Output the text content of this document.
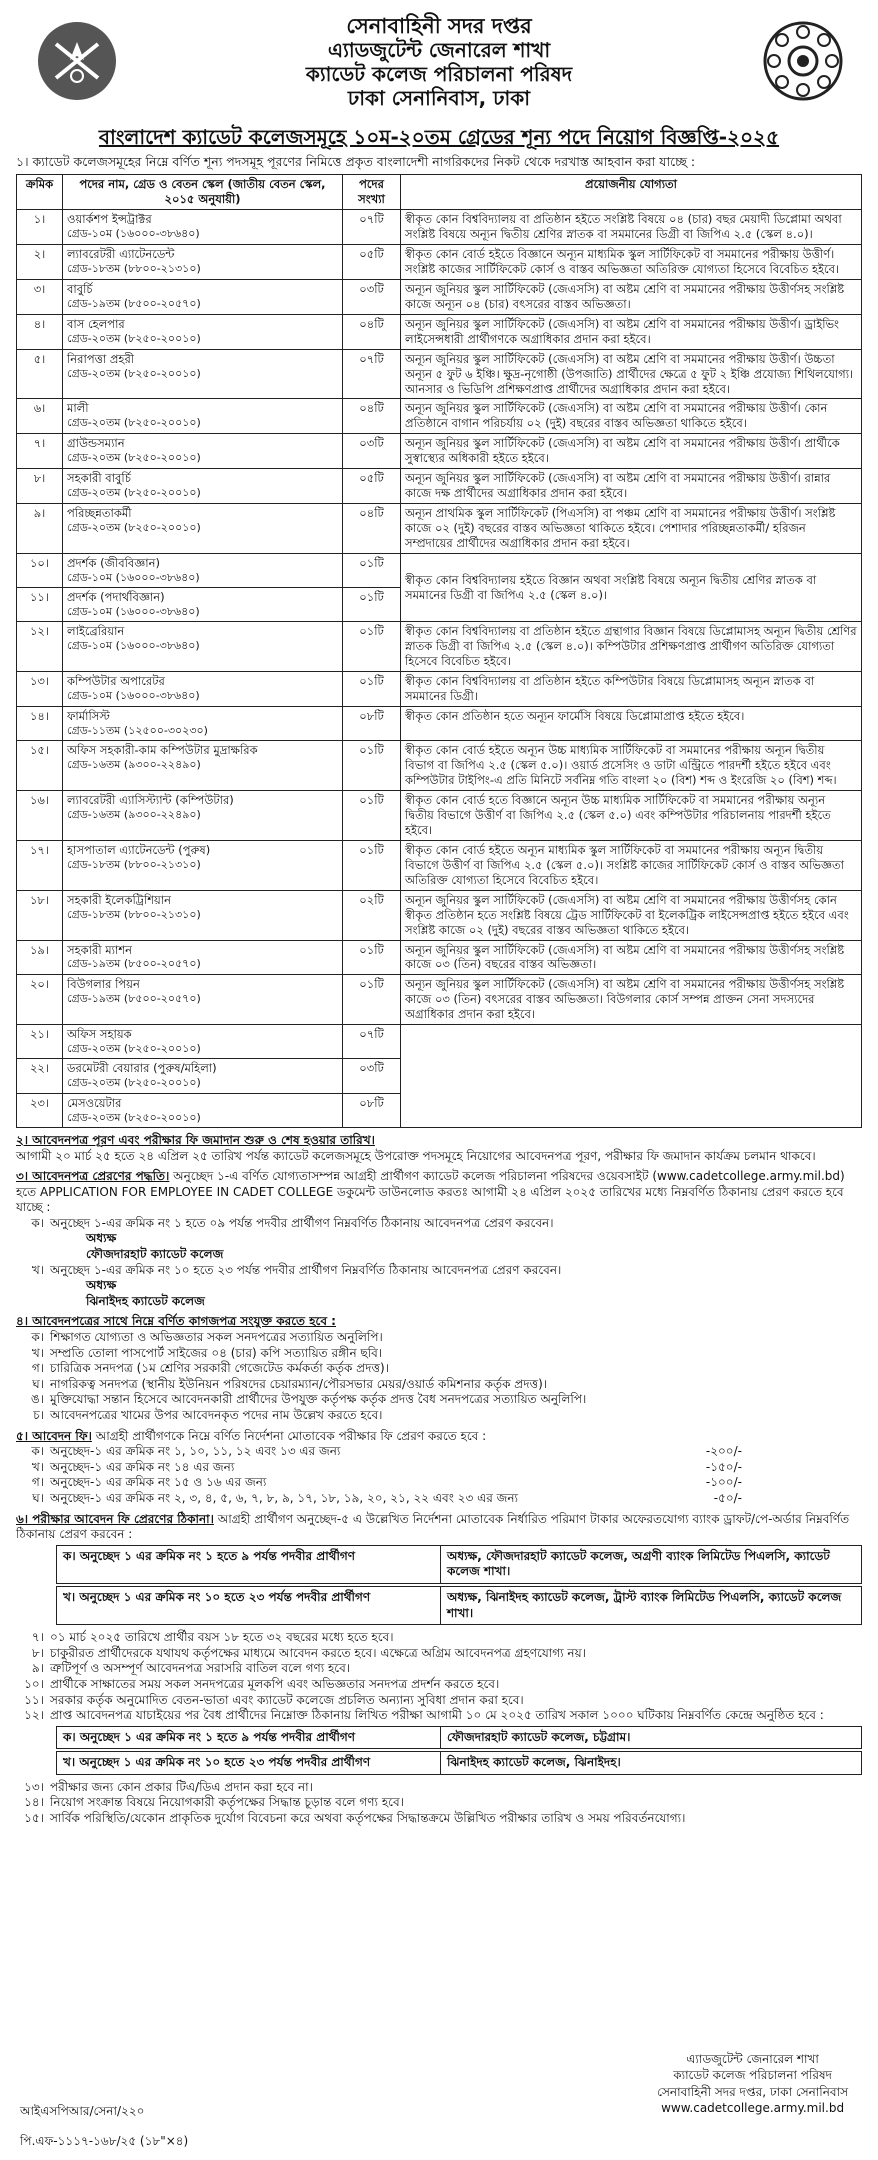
সেনাবাহিনী সদর দপ্তর
এ্যাডজুটেন্ট জেনারেল শাখা
ক্যাডেট কলেজ পরিচালনা পরিষদ
ঢাকা সেনানিবাস, ঢাকা
বাংলাদেশ ক্যাডেট কলেজসমূহে ১০ম-২০তম গ্রেডের শূন্য পদে নিয়োগ বিজ্ঞপ্তি-২০২৫
১। ক্যাডেট কলেজসমূহের নিম্নে বর্ণিত শূন্য পদসমূহ পূরণের নিমিত্তে প্রকৃত বাংলাদেশী নাগরিকদের নিকট থেকে দরখাস্ত আহবান করা যাচ্ছে :
ক্রমিক	পদের নাম, গ্রেড ও বেতন স্কেল (জাতীয় বেতন স্কেল, ২০১৫ অনুযায়ী)	পদের সংখ্যা	প্রয়োজনীয় যোগ্যতা
১।	ওয়ার্কশপ ইন্সট্রাক্টর
গ্রেড-১০ম (১৬০০০-৩৮৬৪০)	০৭টি	স্বীকৃত কোন বিশ্ববিদ্যালয় বা প্রতিষ্ঠান হইতে সংশ্লিষ্ট বিষয়ে ০৪ (চার) বছর মেয়াদী ডিপ্লোমা অথবা সংশ্লিষ্ট বিষয়ে অন্যূন দ্বিতীয় শ্রেণির স্নাতক বা সমমানের ডিগ্রী বা জিপিএ ২.৫ (স্কেল ৪.০)।
২।	ল্যাবরেটরী এ্যাটেনডেন্ট
গ্রেড-১৮তম (৮৮০০-২১৩১০)	০৫টি	স্বীকৃত কোন বোর্ড হইতে বিজ্ঞানে অন্যূন মাধ্যমিক স্কুল সার্টিফিকেট বা সমমানের পরীক্ষায় উত্তীর্ণ। সংশ্লিষ্ট কাজের সার্টিফিকেট কোর্স ও বাস্তব অভিজ্ঞতা অতিরিক্ত যোগ্যতা হিসেবে বিবেচিত হইবে।
৩।	বাবুর্চি
গ্রেড-১৯তম (৮৫০০-২০৫৭০)	০৩টি	অন্যূন জুনিয়র স্কুল সার্টিফিকেট (জেএসসি) বা অষ্টম শ্রেণি বা সমমানের পরীক্ষায় উত্তীর্ণসহ সংশ্লিষ্ট কাজে অন্যূন ০৪ (চার) বৎসরের বাস্তব অভিজ্ঞতা।
৪।	বাস হেলপার
গ্রেড-২০তম (৮২৫০-২০০১০)	০৪টি	অন্যূন জুনিয়র স্কুল সার্টিফিকেট (জেএসসি) বা অষ্টম শ্রেণি বা সমমানের পরীক্ষায় উত্তীর্ণ। ড্রাইভিং লাইসেন্সধারী প্রার্থীগণকে অগ্রাধিকার প্রদান করা হইবে।
৫।	নিরাপত্তা প্রহরী
গ্রেড-২০তম (৮২৫০-২০০১০)	০৭টি	অন্যূন জুনিয়র স্কুল সার্টিফিকেট (জেএসসি) বা অষ্টম শ্রেণি বা সমমানের পরীক্ষায় উত্তীর্ণ। উচ্চতা অন্যূন ৫ ফুট ৬ ইঞ্চি। ক্ষুদ্র-নৃগোষ্ঠী (উপজাতি) প্রার্থীদের ক্ষেত্রে ৫ ফুট ২ ইঞ্চি প্রযোজ্য শিথিলযোগ্য। আনসার ও ভিডিপি প্রশিক্ষণপ্রাপ্ত প্রার্থীদের অগ্রাধিকার প্রদান করা হইবে।
৬।	মালী
গ্রেড-২০তম (৮২৫০-২০০১০)	০৪টি	অন্যূন জুনিয়র স্কুল সার্টিফিকেট (জেএসসি) বা অষ্টম শ্রেণি বা সমমানের পরীক্ষায় উত্তীর্ণ। কোন প্রতিষ্ঠানে বাগান পরিচর্যায় ০২ (দুই) বছরের বাস্তব অভিজ্ঞতা থাকিতে হইবে।
৭।	গ্রাউন্ডসম্যান
গ্রেড-২০তম (৮২৫০-২০০১০)	০৩টি	অন্যূন জুনিয়র স্কুল সার্টিফিকেট (জেএসসি) বা অষ্টম শ্রেণি বা সমমানের পরীক্ষায় উত্তীর্ণ। প্রার্থীকে সুস্বাস্থ্যের অধিকারী হইতে হইবে।
৮।	সহকারী বাবুর্চি
গ্রেড-২০তম (৮২৫০-২০০১০)	০৫টি	অন্যূন জুনিয়র স্কুল সার্টিফিকেট (জেএসসি) বা অষ্টম শ্রেণি বা সমমানের পরীক্ষায় উত্তীর্ণ। রান্নার কাজে দক্ষ প্রার্থীদের অগ্রাধিকার প্রদান করা হইবে।
৯।	পরিচ্ছন্নতাকর্মী
গ্রেড-২০তম (৮২৫০-২০০১০)	০৪টি	অন্যূন প্রাথমিক স্কুল সার্টিফিকেট (পিএসসি) বা পঞ্চম শ্রেণি বা সমমানের পরীক্ষায় উত্তীর্ণ। সংশ্লিষ্ট কাজে ০২ (দুই) বছরের বাস্তব অভিজ্ঞতা থাকিতে হইবে। পেশাদার পরিচ্ছন্নতাকর্মী/ হরিজন সম্প্রদায়ের প্রার্থীদের অগ্রাধিকার প্রদান করা হইবে।
১০।	প্রদর্শক (জীববিজ্ঞান)
গ্রেড-১০ম (১৬০০০-৩৮৬৪০)	০১টি	স্বীকৃত কোন বিশ্ববিদ্যালয় হইতে বিজ্ঞান অথবা সংশ্লিষ্ট বিষয়ে অন্যূন দ্বিতীয় শ্রেণির স্নাতক বা সমমানের ডিগ্রী বা জিপিএ ২.৫ (স্কেল ৪.০)।
১১।	প্রদর্শক (পদার্থবিজ্ঞান)
গ্রেড-১০ম (১৬০০০-৩৮৬৪০)	০১টি	
১২।	লাইব্রেরিয়ান
গ্রেড-১০ম (১৬০০০-৩৮৬৪০)	০১টি	স্বীকৃত কোন বিশ্ববিদ্যালয় বা প্রতিষ্ঠান হইতে গ্রন্থাগার বিজ্ঞান বিষয়ে ডিপ্লোমাসহ অন্যূন দ্বিতীয় শ্রেণির স্নাতক ডিগ্রী বা জিপিএ ২.৫ (স্কেল ৪.০)। কম্পিউটার প্রশিক্ষণপ্রাপ্ত প্রার্থীগণ অতিরিক্ত যোগ্যতা হিসেবে বিবেচিত হইবে।
১৩।	কম্পিউটার অপারেটর
গ্রেড-১০ম (১৬০০০-৩৮৬৪০)	০১টি	স্বীকৃত কোন বিশ্ববিদ্যালয় বা প্রতিষ্ঠান হইতে কম্পিউটার বিষয়ে ডিপ্লোমাসহ অন্যূন স্নাতক বা সমমানের ডিগ্রী।
১৪।	ফার্মাসিস্ট
গ্রেড-১১তম (১২৫০০-৩০২৩০)	০৮টি	স্বীকৃত কোন প্রতিষ্ঠান হতে অন্যূন ফার্মেসি বিষয়ে ডিপ্লোমাপ্রাপ্ত হইতে হইবে।
১৫।	অফিস সহকারী-কাম কম্পিউটার মুদ্রাক্ষরিক
গ্রেড-১৬তম (৯৩০০-২২৪৯০)	০১টি	স্বীকৃত কোন বোর্ড হইতে অন্যূন উচ্চ মাধ্যমিক সার্টিফিকেট বা সমমানের পরীক্ষায় অন্যূন দ্বিতীয় বিভাগ বা জিপিএ ২.৫ (স্কেল ৫.০)। ওয়ার্ড প্রসেসিং ও ডাটা এন্ট্রিতে পারদর্শী হইতে হইবে এবং কম্পিউটার টাইপিং-এ প্রতি মিনিটে সর্বনিম্ন গতি বাংলা ২০ (বিশ) শব্দ ও ইংরেজি ২০ (বিশ) শব্দ।
১৬।	ল্যাবরেটরী এ্যাসিস্ট্যান্ট (কম্পিউটার)
গ্রেড-১৬তম (৯৩০০-২২৪৯০)	০১টি	স্বীকৃত কোন বোর্ড হতে বিজ্ঞানে অন্যূন উচ্চ মাধ্যমিক সার্টিফিকেট বা সমমানের পরীক্ষায় অন্যূন দ্বিতীয় বিভাগে উত্তীর্ণ বা জিপিএ ২.৫ (স্কেল ৫.০) এবং কম্পিউটার পরিচালনায় পারদর্শী হইতে হইবে।
১৭।	হাসপাতাল এ্যাটেনডেন্ট (পুরুষ)
গ্রেড-১৮তম (৮৮০০-২১৩১০)	০১টি	স্বীকৃত কোন বোর্ড হইতে অন্যূন মাধ্যমিক স্কুল সার্টিফিকেট বা সমমানের পরীক্ষায় অন্যূন দ্বিতীয় বিভাগে উত্তীর্ণ বা জিপিএ ২.৫ (স্কেল ৫.০)। সংশ্লিষ্ট কাজের সার্টিফিকেট কোর্স ও বাস্তব অভিজ্ঞতা অতিরিক্ত যোগ্যতা হিসেবে বিবেচিত হইবে।
১৮।	সহকারী ইলেকট্রিশিয়ান
গ্রেড-১৮তম (৮৮০০-২১৩১০)	০২টি	অন্যূন জুনিয়র স্কুল সার্টিফিকেট (জেএসসি) বা অষ্টম শ্রেণি বা সমমানের পরীক্ষায় উত্তীর্ণসহ কোন স্বীকৃত প্রতিষ্ঠান হতে সংশ্লিষ্ট বিষয়ে ট্রেড সার্টিফিকেট বা ইলেকট্রিক লাইসেন্সপ্রাপ্ত হইতে হইবে এবং সংশ্লিষ্ট কাজে ০২ (দুই) বছরের বাস্তব অভিজ্ঞতা থাকিতে হইবে।
১৯।	সহকারী ম্যাশন
গ্রেড-১৯তম (৮৫০০-২০৫৭০)	০১টি	অন্যূন জুনিয়র স্কুল সার্টিফিকেট (জেএসসি) বা অষ্টম শ্রেণি বা সমমানের পরীক্ষায় উত্তীর্ণসহ সংশ্লিষ্ট কাজে ০৩ (তিন) বছরের বাস্তব অভিজ্ঞতা।
২০।	বিউগলার পিয়ন
গ্রেড-১৯তম (৮৫০০-২০৫৭০)	০১টি	অন্যূন জুনিয়র স্কুল সার্টিফিকেট (জেএসসি) বা অষ্টম শ্রেণি বা সমমানের পরীক্ষায় উত্তীর্ণসহ সংশ্লিষ্ট কাজে ০৩ (তিন) বৎসরের বাস্তব অভিজ্ঞতা। বিউগলার কোর্স সম্পন্ন প্রাক্তন সেনা সদস্যদের অগ্রাধিকার প্রদান করা হইবে।
২১।	অফিস সহায়ক
গ্রেড-২০তম (৮২৫০-২০০১০)	০৭টি	
২২।	ডরমেটরী বেয়ারার (পুরুষ/মহিলা)
গ্রেড-২০তম (৮২৫০-২০০১০)	০৩টি	
২৩।	মেসওয়েটার
গ্রেড-২০তম (৮২৫০-২০০১০)	০৮টি	
২। আবেদনপত্র পূরণ এবং পরীক্ষার ফি জমাদান শুরু ও শেষ হওয়ার তারিখ।
আগামী ২০ মার্চ ২৫ হতে ২৪ এপ্রিল ২৫ তারিখ পর্যন্ত ক্যাডেট কলেজসমূহে উপরোক্ত পদসমূহে নিয়োগের আবেদনপত্র পূরণ, পরীক্ষার ফি জমাদান কার্যক্রম চলমান থাকবে।
৩। আবেদনপত্র প্রেরণের পদ্ধতি। অনুচ্ছেদ ১-এ বর্ণিত যোগ্যতাসম্পন্ন আগ্রহী প্রার্থীগণ ক্যাডেট কলেজ পরিচালনা পরিষদের ওয়েবসাইট (www.cadetcollege.army.mil.bd) হতে APPLICATION FOR EMPLOYEE IN CADET COLLEGE ডকুমেন্ট ডাউনলোড করতঃ আগামী ২৪ এপ্রিল ২০২৫ তারিখের মধ্যে নিম্নবর্ণিত ঠিকানায় প্রেরণ করতে হবে যাচ্ছে :
ক। অনুচ্ছেদ ১-এর ক্রমিক নং ১ হতে ০৯ পর্যন্ত পদবীর প্রার্থীগণ নিম্নবর্ণিত ঠিকানায় আবেদনপত্র প্রেরণ করবেন।
অধ্যক্ষ
ফৌজদারহাট ক্যাডেট কলেজ
খ। অনুচ্ছেদ ১-এর ক্রমিক নং ১০ হতে ২৩ পর্যন্ত পদবীর প্রার্থীগণ নিম্নবর্ণিত ঠিকানায় আবেদনপত্র প্রেরণ করবেন।
অধ্যক্ষ
ঝিনাইদহ ক্যাডেট কলেজ
৪। আবেদনপত্রের সাথে নিম্নে বর্ণিত কাগজপত্র সংযুক্ত করতে হবে :
ক। শিক্ষাগত যোগ্যতা ও অভিজ্ঞতার সকল সনদপত্রের সত্যায়িত অনুলিপি।
খ। সম্প্রতি তোলা পাসপোর্ট সাইজের ০৪ (চার) কপি সত্যায়িত রঙ্গীন ছবি।
গ। চারিত্রিক সনদপত্র (১ম শ্রেণির সরকারী গেজেটেড কর্মকর্তা কর্তৃক প্রদত্ত)।
ঘ। নাগরিকত্ব সনদপত্র (স্থানীয় ইউনিয়ন পরিষদের চেয়ারম্যান/পৌরসভার মেয়র/ওয়ার্ড কমিশনার কর্তৃক প্রদত্ত)।
ঙ। মুক্তিযোদ্ধা সন্তান হিসেবে আবেদনকারী প্রার্থীদের উপযুক্ত কর্তৃপক্ষ কর্তৃক প্রদত্ত বৈধ সনদপত্রের সত্যায়িত অনুলিপি।
চ। আবেদনপত্রের খামের উপর আবেদনকৃত পদের নাম উল্লেখ করতে হবে।
৫। আবেদন ফি। আগ্রহী প্রার্থীগণকে নিম্নে বর্ণিত নির্দেশনা মোতাবেক পরীক্ষার ফি প্রেরণ করতে হবে :
ক। অনুচ্ছেদ-১ এর ক্রমিক নং ১, ১০, ১১, ১২ এবং ১৩ এর জন্য	-২০০/-
খ। অনুচ্ছেদ-১ এর ক্রমিক নং ১৪ এর জন্য	-১৫০/-
গ। অনুচ্ছেদ-১ এর ক্রমিক নং ১৫ ও ১৬ এর জন্য	-১০০/-
ঘ। অনুচ্ছেদ-১ এর ক্রমিক নং ২, ৩, ৪, ৫, ৬, ৭, ৮, ৯, ১৭, ১৮, ১৯, ২০, ২১, ২২ এবং ২৩ এর জন্য	-৫০/-
৬। পরীক্ষার আবেদন ফি প্রেরণের ঠিকানা। আগ্রহী প্রার্থীগণ অনুচ্ছেদ-৫ এ উল্লেখিত নির্দেশনা মোতাবেক নির্ধারিত পরিমাণ টাকার অফেরতযোগ্য ব্যাংক ড্রাফট/পে-অর্ডার নিম্নবর্ণিত ঠিকানায় প্রেরণ করবেন :
ক। অনুচ্ছেদ ১ এর ক্রমিক নং ১ হতে ৯ পর্যন্ত পদবীর প্রার্থীগণ	অধ্যক্ষ, ফৌজদারহাট ক্যাডেট কলেজ, অগ্রণী ব্যাংক লিমিটেড পিএলসি, ক্যাডেট কলেজ শাখা।
খ। অনুচ্ছেদ ১ এর ক্রমিক নং ১০ হতে ২৩ পর্যন্ত পদবীর প্রার্থীগণ	অধ্যক্ষ, ঝিনাইদহ ক্যাডেট কলেজ, ট্রাস্ট ব্যাংক লিমিটেড পিএলসি, ক্যাডেট কলেজ শাখা।
৭। ০১ মার্চ ২০২৫ তারিখে প্রার্থীর বয়স ১৮ হতে ৩২ বছরের মধ্যে হতে হবে।
৮। চাকুরীরত প্রার্থীদেরকে যথাযথ কর্তৃপক্ষের মাধ্যমে আবেদন করতে হবে। এক্ষেত্রে অগ্রিম আবেদনপত্র গ্রহণযোগ্য নয়।
৯। ত্রুটিপূর্ণ ও অসম্পূর্ণ আবেদনপত্র সরাসরি বাতিল বলে গণ্য হবে।
১০। প্রার্থীকে সাক্ষাতের সময় সকল সনদপত্রের মূলকপি এবং অভিজ্ঞতার সনদপত্র প্রদর্শন করতে হবে।
১১। সরকার কর্তৃক অনুমোদিত বেতন-ভাতা এবং ক্যাডেট কলেজে প্রচলিত অন্যান্য সুবিধা প্রদান করা হবে।
১২। প্রাপ্ত আবেদনপত্র যাচাইয়ের পর বৈধ প্রার্থীদের নিম্নোক্ত ঠিকানায় লিখিত পরীক্ষা আগামী ১০ মে ২০২৫ তারিখ সকাল ১০০০ ঘটিকায় নিম্নবর্ণিত কেন্দ্রে অনুষ্ঠিত হবে :
ক। অনুচ্ছেদ ১ এর ক্রমিক নং ১ হতে ৯ পর্যন্ত পদবীর প্রার্থীগণ	ফৌজদারহাট ক্যাডেট কলেজ, চট্টগ্রাম।
খ। অনুচ্ছেদ ১ এর ক্রমিক নং ১০ হতে ২৩ পর্যন্ত পদবীর প্রার্থীগণ	ঝিনাইদহ ক্যাডেট কলেজ, ঝিনাইদহ।
১৩। পরীক্ষার জন্য কোন প্রকার টিএ/ডিএ প্রদান করা হবে না।
১৪। নিয়োগ সংক্রান্ত বিষয়ে নিয়োগকারী কর্তৃপক্ষের সিদ্ধান্ত চূড়ান্ত বলে গণ্য হবে।
১৫। সার্বিক পরিস্থিতি/যেকোন প্রাকৃতিক দুর্যোগ বিবেচনা করে অথবা কর্তৃপক্ষের সিদ্ধান্তক্রমে উল্লিখিত পরীক্ষার তারিখ ও সময় পরিবর্তনযোগ্য।
এ্যাডজুটেন্ট জেনারেল শাখা
ক্যাডেট কলেজ পরিচালনা পরিষদ
সেনাবাহিনী সদর দপ্তর, ঢাকা সেনানিবাস
www.cadetcollege.army.mil.bd
আইএসপিআর/সেনা/২২০
পি.এফ-১১১৭-১৬৮/২৫ (১৮"×৪)
